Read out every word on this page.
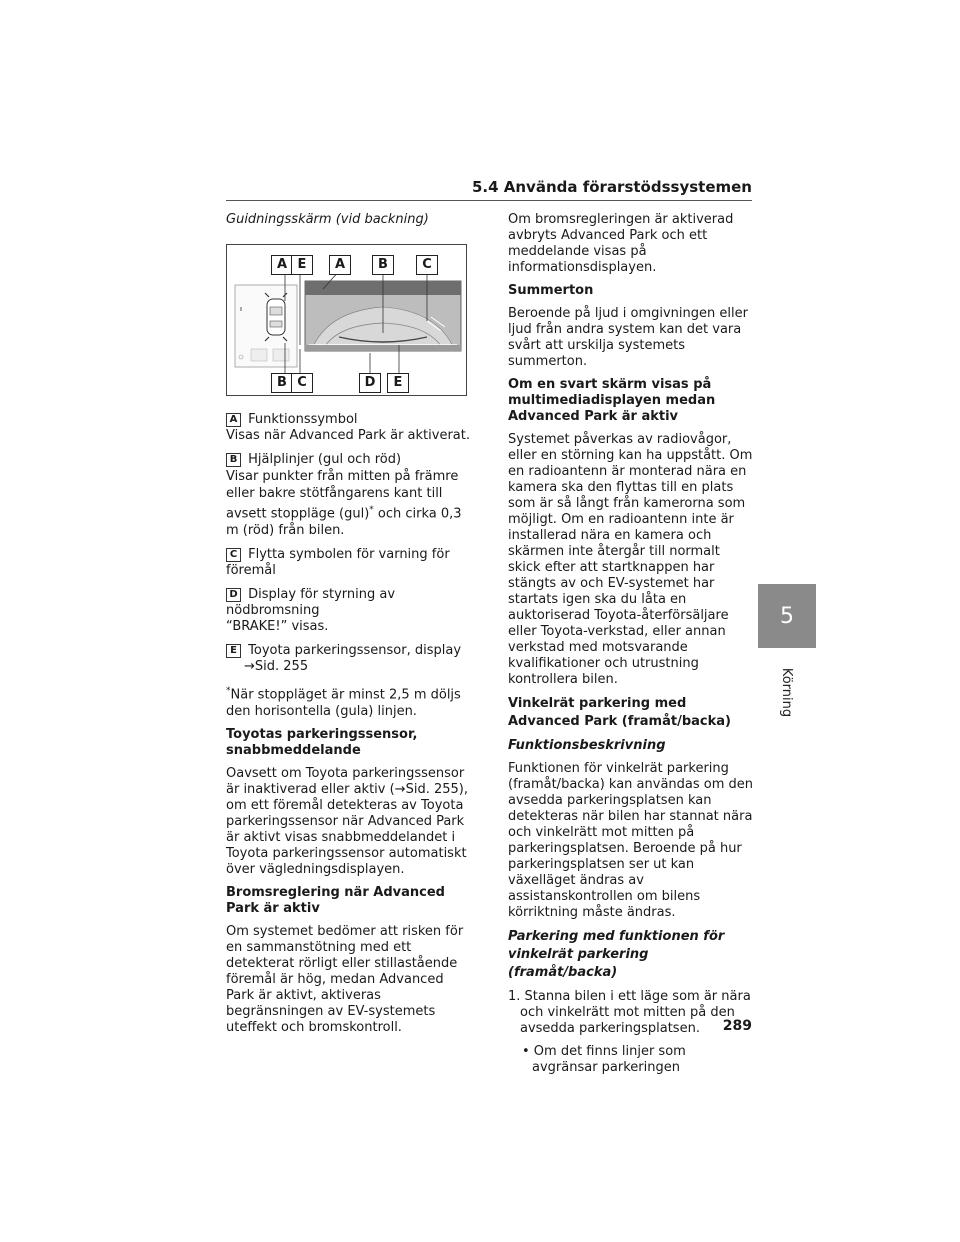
5.4 Använda förarstödssystemen
5
Körning

Guidningsskärm (vid backning)

A E	A	B	C
B C	D	E
A Funktionssymbol
Visas när Advanced Park är aktiverat.
B Hjälplinjer (gul och röd)
Visar punkter från mitten på främre eller bakre stötfångarens kant till avsett stoppläge (gul)* och cirka 0,3 m (röd) från bilen.
C Flytta symbolen för varning för föremål
D Display för styrning av nödbromsning
“BRAKE!” visas.
E Toyota parkeringssensor, display
→Sid. 255

*När stoppläget är minst 2,5 m döljs den horisontella (gula) linjen.

Toyotas parkeringssensor, snabbmeddelande

Oavsett om Toyota parkeringssensor är inaktiverad eller aktiv (→Sid. 255), om ett föremål detekteras av Toyota parkeringssensor när Advanced Park är aktivt visas snabbmeddelandet i Toyota parkeringssensor automatiskt över vägledningsdisplayen.

Bromsreglering när Advanced Park är aktiv

Om systemet bedömer att risken för en sammanstötning med ett detekterat rörligt eller stillastående föremål är hög, medan Advanced Park är aktivt, aktiveras begränsningen av EV-systemets uteffekt och bromskontroll.

Om bromsregleringen är aktiverad avbryts Advanced Park och ett meddelande visas på informationsdisplayen.

Summerton

Beroende på ljud i omgivningen eller ljud från andra system kan det vara svårt att urskilja systemets summerton.

Om en svart skärm visas på multimediadisplayen medan Advanced Park är aktiv

Systemet påverkas av radiovågor, eller en störning kan ha uppstått. Om en radioantenn är monterad nära en kamera ska den flyttas till en plats som är så långt från kamerorna som möjligt. Om en radioantenn inte är installerad nära en kamera och skärmen inte återgår till normalt skick efter att startknappen har stängts av och EV-systemet har startats igen ska du låta en auktoriserad Toyota-återförsäljare eller Toyota-verkstad, eller annan verkstad med motsvarande kvalifikationer och utrustning kontrollera bilen.

Vinkelrät parkering med Advanced Park (framåt/backa)

Funktionsbeskrivning

Funktionen för vinkelrät parkering (framåt/backa) kan användas om den avsedda parkeringsplatsen kan detekteras när bilen har stannat nära och vinkelrätt mot mitten på parkeringsplatsen. Beroende på hur parkeringsplatsen ser ut kan växelläget ändras av assistanskontrollen om bilens körriktning måste ändras.

Parkering med funktionen för vinkelrät parkering (framåt/backa)

1. Stanna bilen i ett läge som är nära och vinkelrätt mot mitten på den avsedda parkeringsplatsen.

• Om det finns linjer som avgränsar parkeringen

289
